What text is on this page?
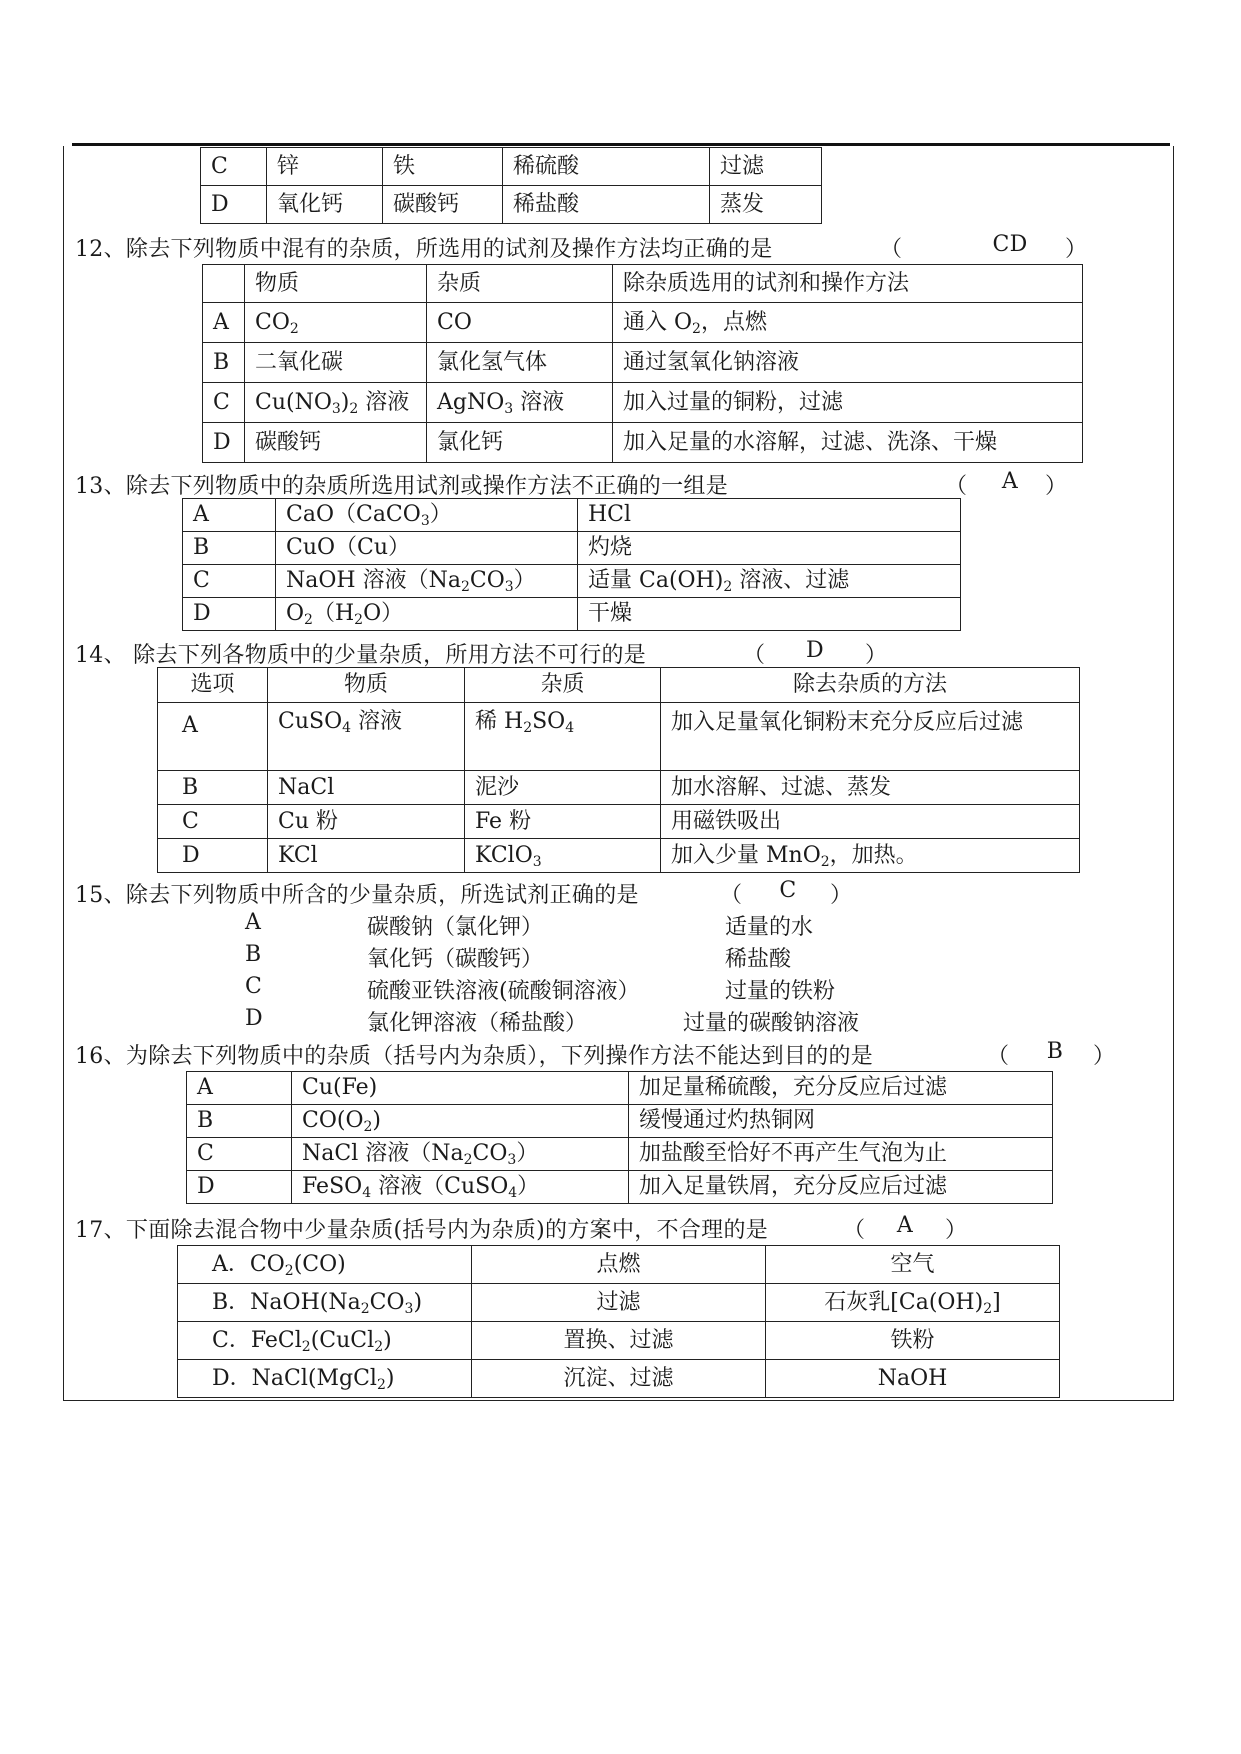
C	锌	铁	稀硫酸	过滤
D	氧化钙	碳酸钙	稀盐酸	蒸发
12、除去下列物质中混有的杂质，所选用的试剂及操作方法均正确的是	（	CD	）
	物质	杂质	除杂质选用的试剂和操作方法
A	$CO_2$	CO	通入 $O_2$，点燃
B	二氧化碳	氯化氢气体	通过氢氧化钠溶液
C	$Cu(NO_3)_2$ 溶液	AgNO$_3$ 溶液	加入过量的铜粉，过滤
D	碳酸钙	氯化钙	加入足量的水溶解，过滤、洗涤、干燥
13、除去下列物质中的杂质所选用试剂或操作方法不正确的一组是	（	A	）
A	CaO（CaCO$_3$）	HCl
B	CuO（Cu）	灼烧
C	NaOH 溶液$(Na_2CO_3)$	适量 $Ca(OH)_2$ 溶液、过滤
D	$O_2(H_2O)$	干燥
14、 除去下列各物质中的少量杂质，所用方法不可行的是	（	D	）
选项	物质	杂质	除去杂质的方法
A	CuSO$_4$ 溶液	稀 $H_2SO_4$	加入足量氧化铜粉末充分反应后过滤
B	NaCl	泥沙	加水溶解、过滤、蒸发
C	Cu 粉	Fe 粉	用磁铁吸出
D	KCl	KClO$_3$	加入少量 MnO$_2$，加热。
15、除去下列物质中所含的少量杂质，所选试剂正确的是	（	C	）
A	碳酸钠（氯化钾）	适量的水
B	氧化钙（碳酸钙）	稀盐酸
C	硫酸亚铁溶液(硫酸铜溶液）	过量的铁粉
D	氯化钾溶液（稀盐酸）	过量的碳酸钠溶液
16、为除去下列物质中的杂质（括号内为杂质），下列操作方法不能达到目的的是	（	B	）
A	Cu(Fe)	加足量稀硫酸，充分反应后过滤
B	$CO(O_2)$	缓慢通过灼热铜网
C	NaCl 溶液$(Na_2CO_3)$	加盐酸至恰好不再产生气泡为止
D	FeSO$_4$ 溶液（CuSO$_4$）	加入足量铁屑，充分反应后过滤
17、下面除去混合物中少量杂质(括号内为杂质)的方案中，不合理的是	（	A	）
A．$CO_2(CO)$	点燃	空气
B．$NaOH(Na_2CO_3)$	过滤	石灰乳$[Ca(OH)_2]$
C．FeCl$_2$(CuCl$_2$)	置换、过滤	铁粉
D．NaCl(MgCl$_2$)	沉淀、过滤	NaOH
